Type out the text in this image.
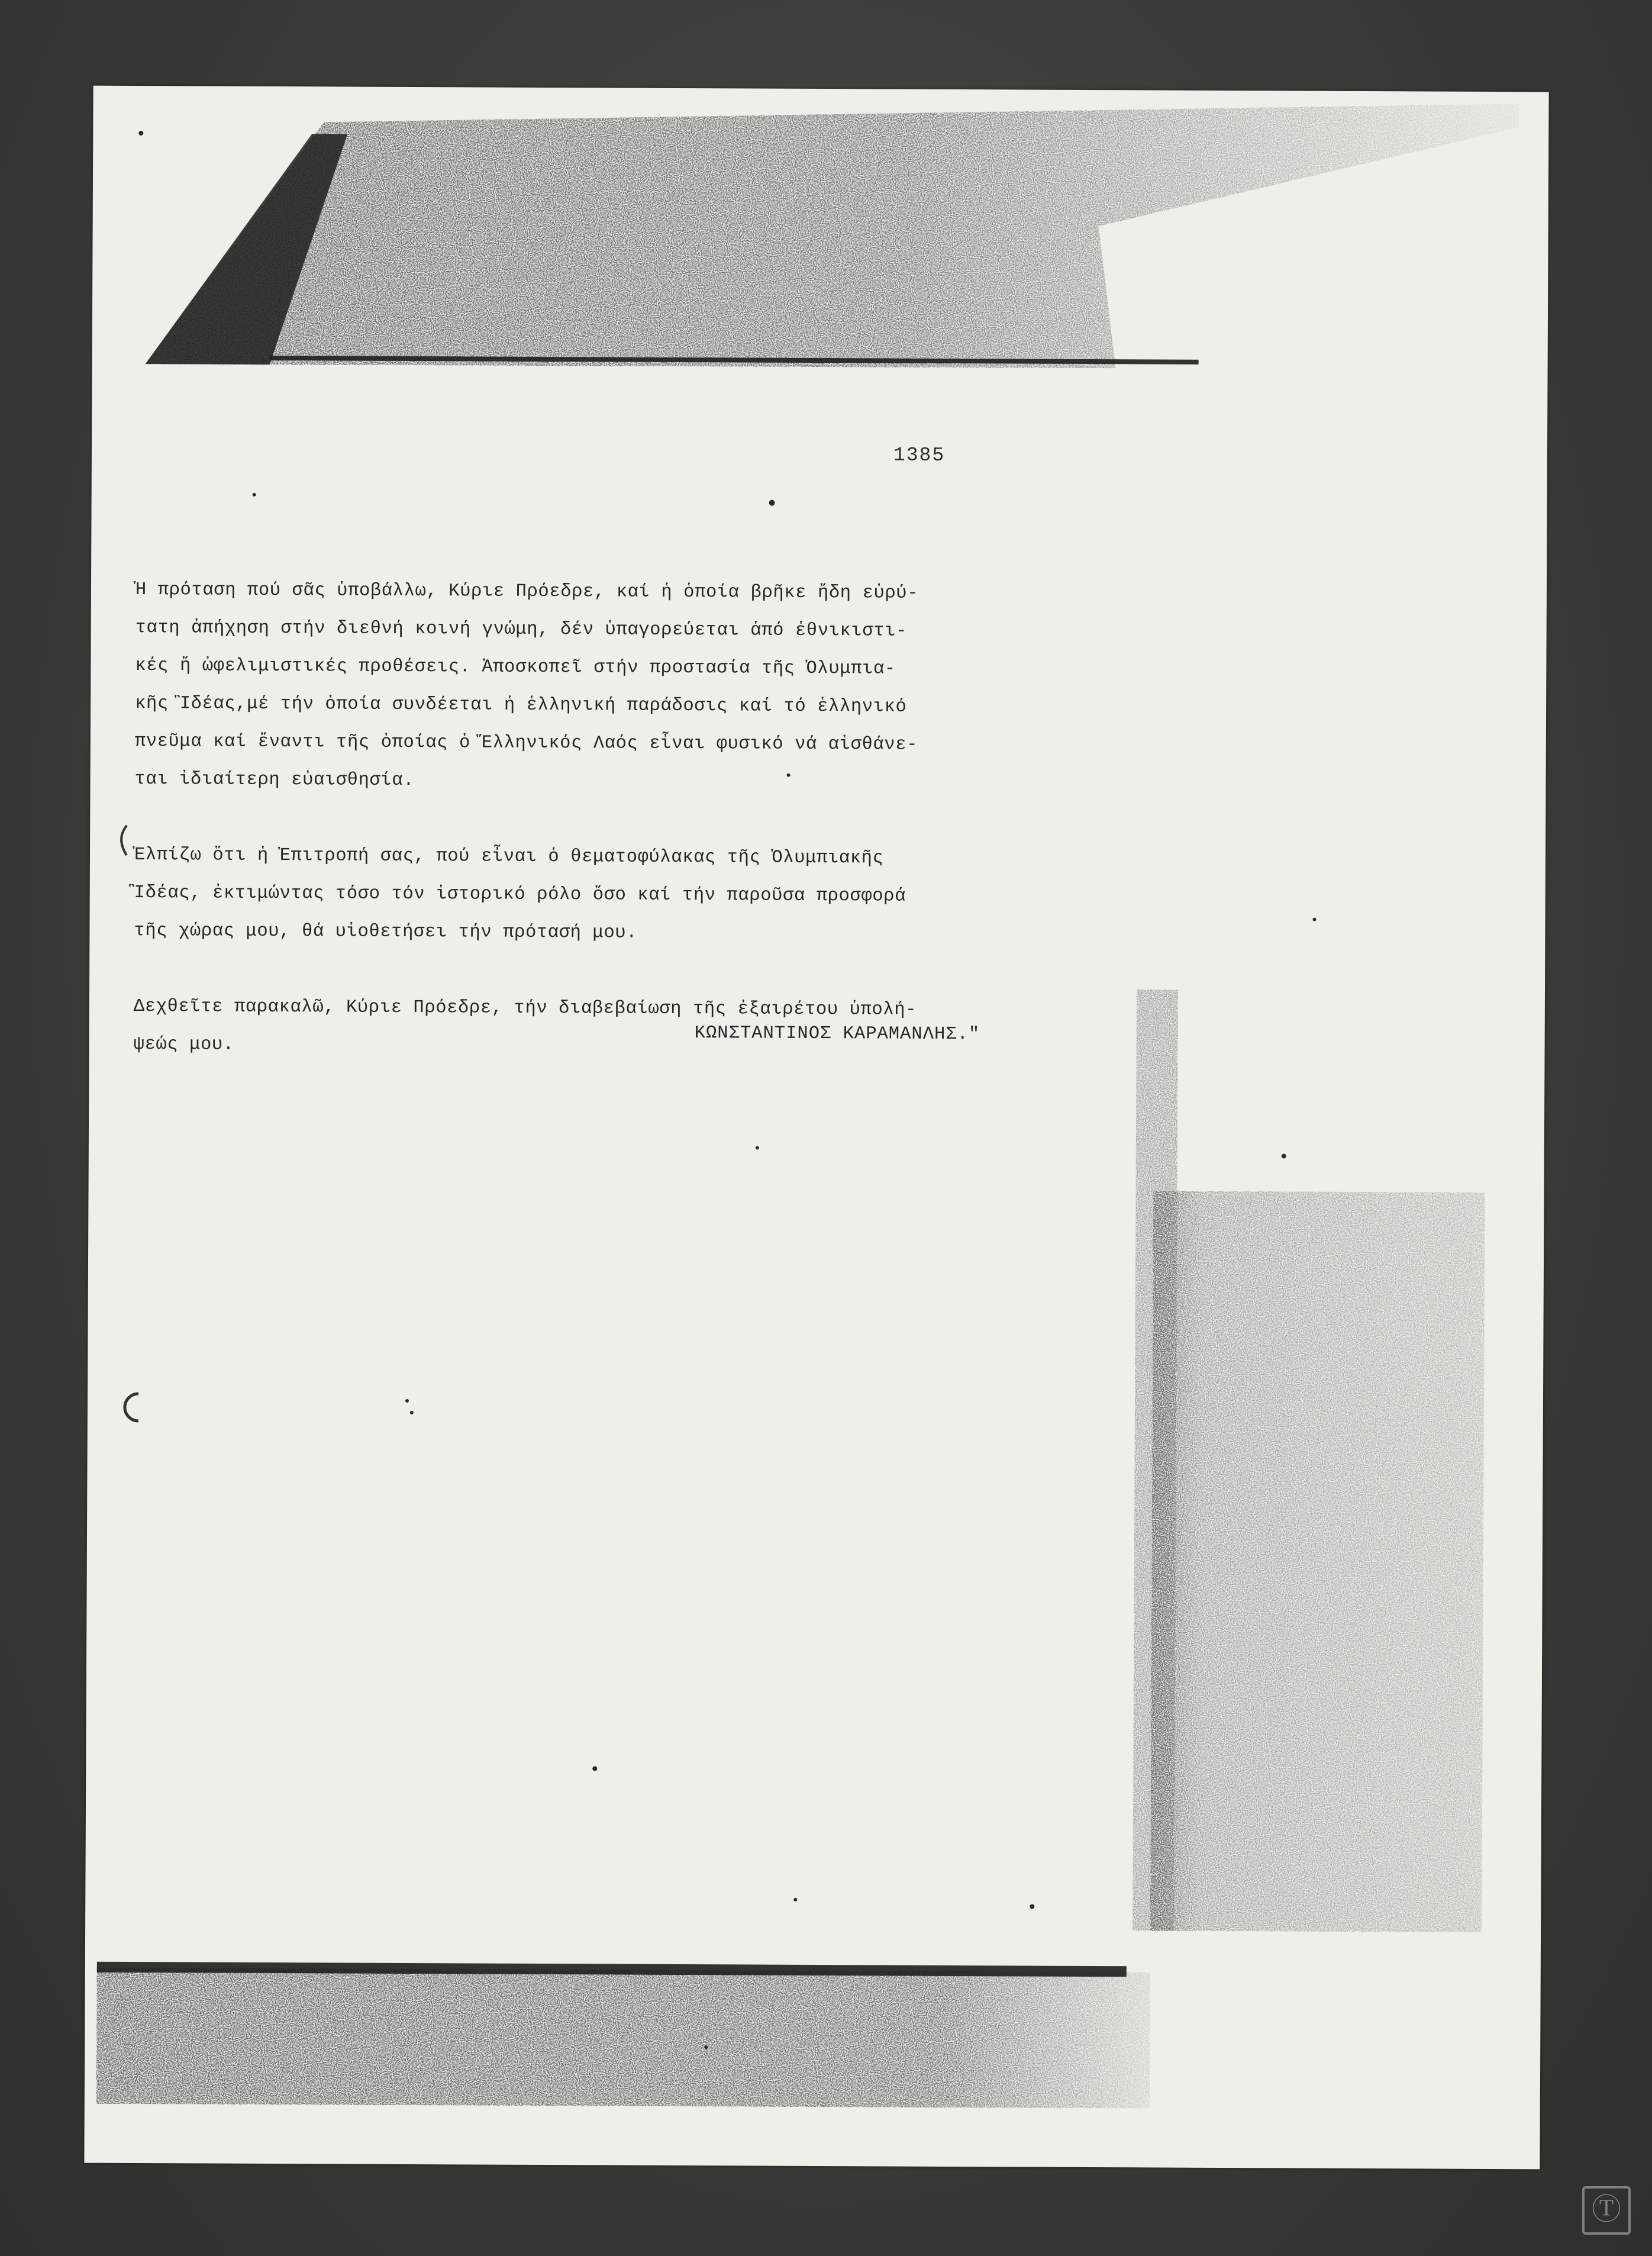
1385

Ἡ πρόταση πού σᾶς ὑποβάλλω, Κύριε Πρόεδρε, καί ἡ ὁποία βρῆκε ἤδη εὐρύ-

τατη ἀπήχηση στήν διεθνή κοινή γνώμη, δέν ὑπαγορεύεται ἀπό ἐθνικιστι-

κές ἤ ὠφελιμιστικές προθέσεις. Ἀποσκοπεῖ στήν προστασία τῆς Ὀλυμπια-

κῆς Ἳδέας,μέ τήν ὁποία συνδέεται ἡ ἑλληνική παράδοσις καί τό ἑλληνικό

πνεῦμα καί ἔναντι τῆς ὁποίας ὁ Ἕλληνικός Λαός εἶναι φυσικό νά αἰσθάνε-

ται ἰδιαίτερη εὐαισθησία.

Ἐλπίζω ὅτι ἡ Ἐπιτροπή σας, πού εἶναι ὁ θεματοφύλακας τῆς Ὀλυμπιακῆς

Ἳδέας, ἐκτιμώντας τόσο τόν ἱστορικό ρόλο ὅσο καί τήν παροῦσα προσφορά

τῆς χώρας μου, θά υἱοθετήσει τήν πρότασή μου.

Δεχθεῖτε παρακαλῶ, Κύριε Πρόεδρε, τήν διαβεβαίωση τῆς ἐξαιρέτου ὑπολή-

ψεώς μου.

ΚΩΝΣΤΑΝΤΙΝΟΣ ΚΑΡΑΜΑΝΛΗΣ."
Ⓣ
